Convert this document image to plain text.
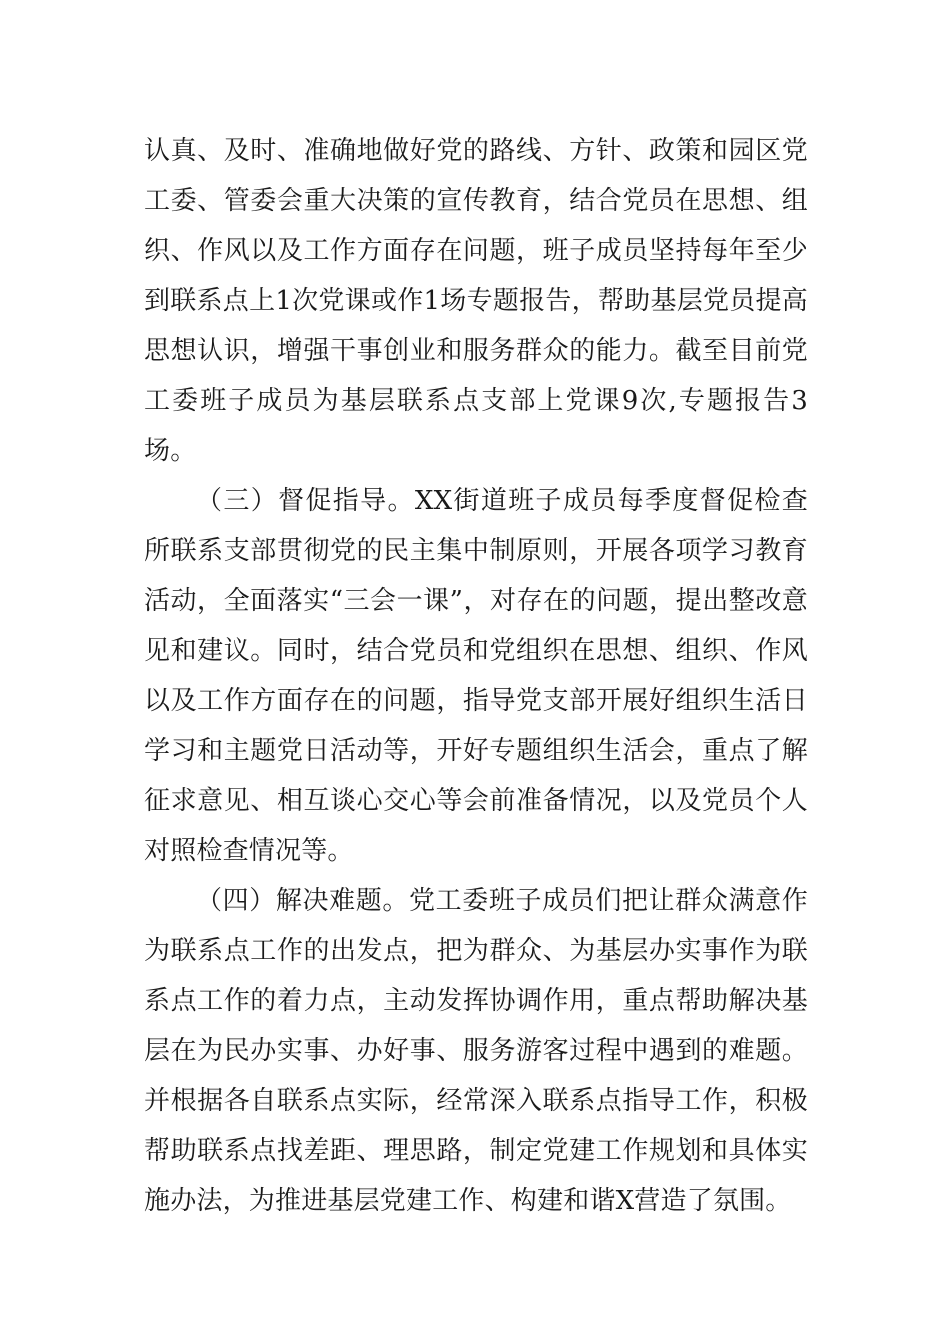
认真、及时、准确地做好党的路线、方针、政策和园区党工委、管委会重大决策的宣传教育，结合党员在思想、组织、作风以及工作方面存在问题，班子成员坚持每年至少到联系点上1次党课或作1场专题报告，帮助基层党员提高思想认识，增强干事创业和服务群众的能力。截至目前党工委班子成员为基层联系点支部上党课9次,专题报告3场。

（三）督促指导。XX街道班子成员每季度督促检查所联系支部贯彻党的民主集中制原则，开展各项学习教育活动，全面落实“三会一课”，对存在的问题，提出整改意见和建议。同时，结合党员和党组织在思想、组织、作风以及工作方面存在的问题，指导党支部开展好组织生活日学习和主题党日活动等，开好专题组织生活会，重点了解征求意见、相互谈心交心等会前准备情况，以及党员个人对照检查情况等。

（四）解决难题。党工委班子成员们把让群众满意作为联系点工作的出发点，把为群众、为基层办实事作为联系点工作的着力点，主动发挥协调作用，重点帮助解决基层在为民办实事、办好事、服务游客过程中遇到的难题。并根据各自联系点实际，经常深入联系点指导工作，积极帮助联系点找差距、理思路，制定党建工作规划和具体实施办法，为推进基层党建工作、构建和谐X营造了氛围。
